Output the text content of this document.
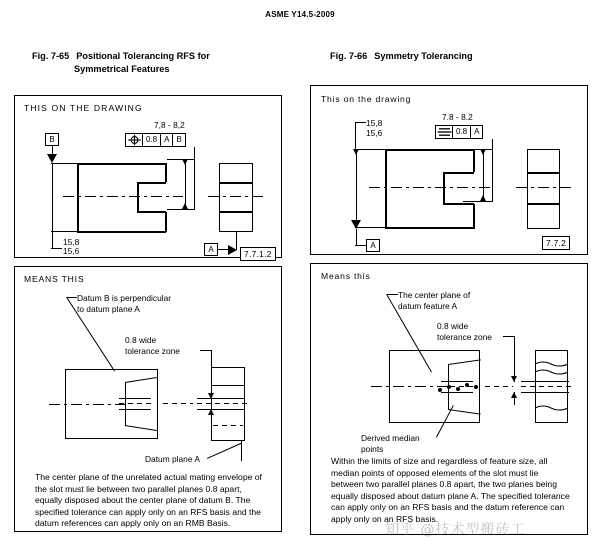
ASME Y14.5-2009
Fig. 7-65 Positional Tolerancing RFS for
Symmetrical Features
Fig. 7-66 Symmetry Tolerancing
THIS ON THE DRAWING
7,8 - 8,2
0.8 A B
B
15,8
15,6	A	7.7.1.2
MEANS THIS
Datum B is perpendicular
to datum plane A
0.8 wide
tolerance zone
Datum plane A
The center plane of the unrelated actual mating envelope of the slot must lie between two parallel planes 0.8 apart, equally disposed about the center plane of datum B. The specified tolerance can apply only on an RFS basis and the datum references can apply only on an RMB Basis.
This on the drawing
15,8
15,6
7.8 - 8.2
0.8 A
A	7.7.2
Means this
The center plane of
datum feature A
0.8 wide
tolerance zone
Derived median
points
Within the limits of size and regardless of feature size, all median points of opposed elements of the slot must lie between two parallel planes 0.8 apart, the two planes being equally disposed about datum plane A. The specified tolerance can apply only on an RFS basis and the datum reference can apply only on an RFS basis.
知乎 @技术型搬砖工
